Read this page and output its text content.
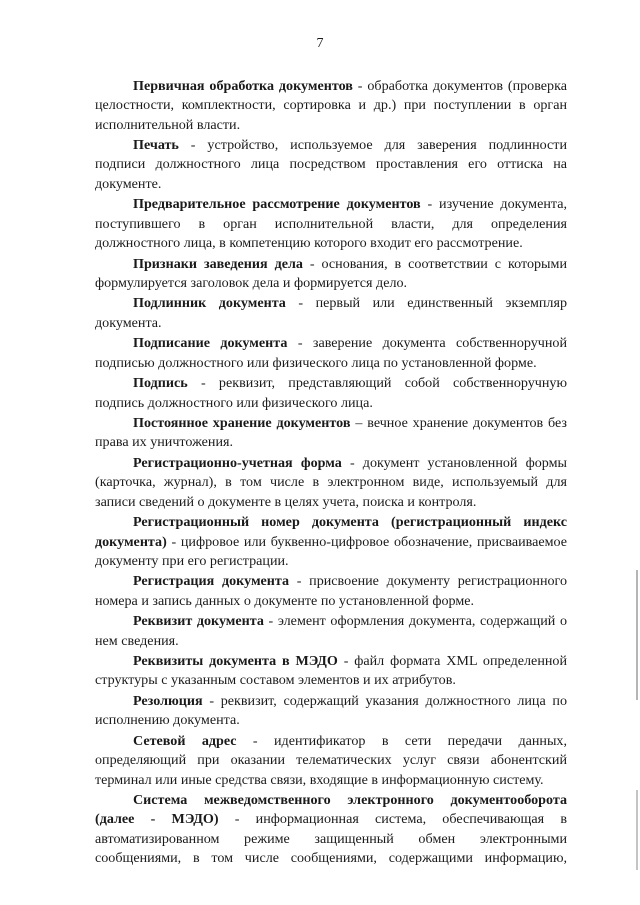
7

Первичная обработка документов - обработка документов (проверка целостности, комплектности, сортировка и др.) при поступлении в орган исполнительной власти.

Печать - устройство, используемое для заверения подлинности подписи должностного лица посредством проставления его оттиска на документе.

Предварительное рассмотрение документов - изучение документа, поступившего в орган исполнительной власти, для определения должностного лица, в компетенцию которого входит его рассмотрение.

Признаки заведения дела - основания, в соответствии с которыми формулируется заголовок дела и формируется дело.

Подлинник документа - первый или единственный экземпляр документа.

Подписание документа - заверение документа собственноручной подписью должностного или физического лица по установленной форме.

Подпись - реквизит, представляющий собой собственноручную подпись должностного или физического лица.

Постоянное хранение документов – вечное хранение документов без права их уничтожения.

Регистрационно-учетная форма - документ установленной формы (карточка, журнал), в том числе в электронном виде, используемый для записи сведений о документе в целях учета, поиска и контроля.

Регистрационный номер документа (регистрационный индекс документа) - цифровое или буквенно-цифровое обозначение, присваиваемое документу при его регистрации.

Регистрация документа - присвоение документу регистрационного номера и запись данных о документе по установленной форме.

Реквизит документа - элемент оформления документа, содержащий о нем сведения.

Реквизиты документа в МЭДО - файл формата XML определенной структуры с указанным составом элементов и их атрибутов.

Резолюция - реквизит, содержащий указания должностного лица по исполнению документа.

Сетевой адрес - идентификатор в сети передачи данных, определяющий при оказании телематических услуг связи абонентский терминал или иные средства связи, входящие в информационную систему.

Система межведомственного электронного документооборота (далее - МЭДО) - информационная система, обеспечивающая в автоматизированном режиме защищенный обмен электронными сообщениями, в том числе сообщениями, содержащими информацию,
